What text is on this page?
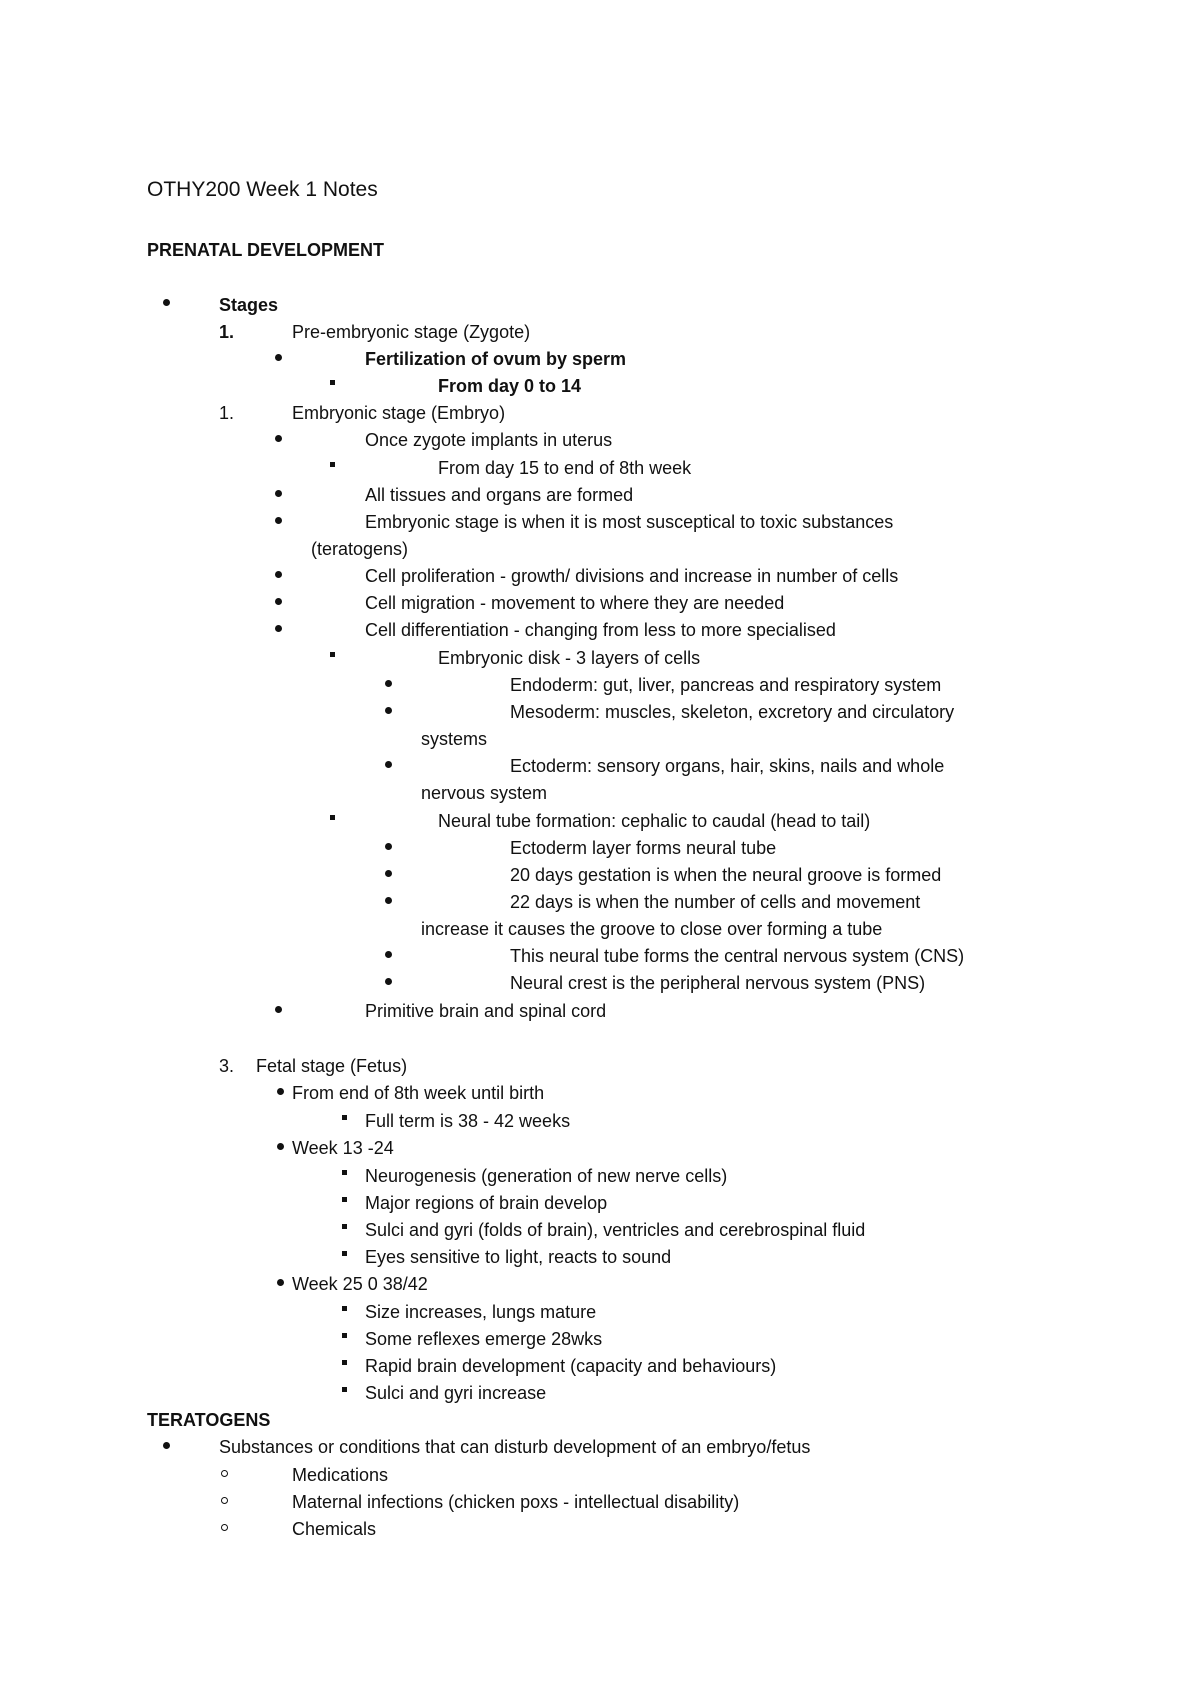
OTHY200 Week 1 Notes
PRENATAL DEVELOPMENT
Stages
1.	Pre-embryonic stage (Zygote)
Fertilization of ovum by sperm
From day 0 to 14
1.	Embryonic stage (Embryo)
Once zygote implants in uterus
From day 15 to end of 8th week
All tissues and organs are formed
Embryonic stage is when it is most susceptical to toxic substances
(teratogens)
Cell proliferation - growth/ divisions and increase in number of cells
Cell migration - movement to where they are needed
Cell differentiation - changing from less to more specialised
Embryonic disk - 3 layers of cells
Endoderm: gut, liver, pancreas and respiratory system
Mesoderm: muscles, skeleton, excretory and circulatory
systems
Ectoderm: sensory organs, hair, skins, nails and whole
nervous system
Neural tube formation: cephalic to caudal (head to tail)
Ectoderm layer forms neural tube
20 days gestation is when the neural groove is formed
22 days is when the number of cells and movement
increase it causes the groove to close over forming a tube
This neural tube forms the central nervous system (CNS)
Neural crest is the peripheral nervous system (PNS)
Primitive brain and spinal cord
3. Fetal stage (Fetus)
From end of 8th week until birth
Full term is 38 - 42 weeks
Week 13 -24
Neurogenesis (generation of new nerve cells)
Major regions of brain develop
Sulci and gyri (folds of brain), ventricles and cerebrospinal fluid
Eyes sensitive to light, reacts to sound
Week 25 0 38/42
Size increases, lungs mature
Some reflexes emerge 28wks
Rapid brain development (capacity and behaviours)
Sulci and gyri increase
TERATOGENS
Substances or conditions that can disturb development of an embryo/fetus
Medications
Maternal infections (chicken poxs - intellectual disability)
Chemicals
